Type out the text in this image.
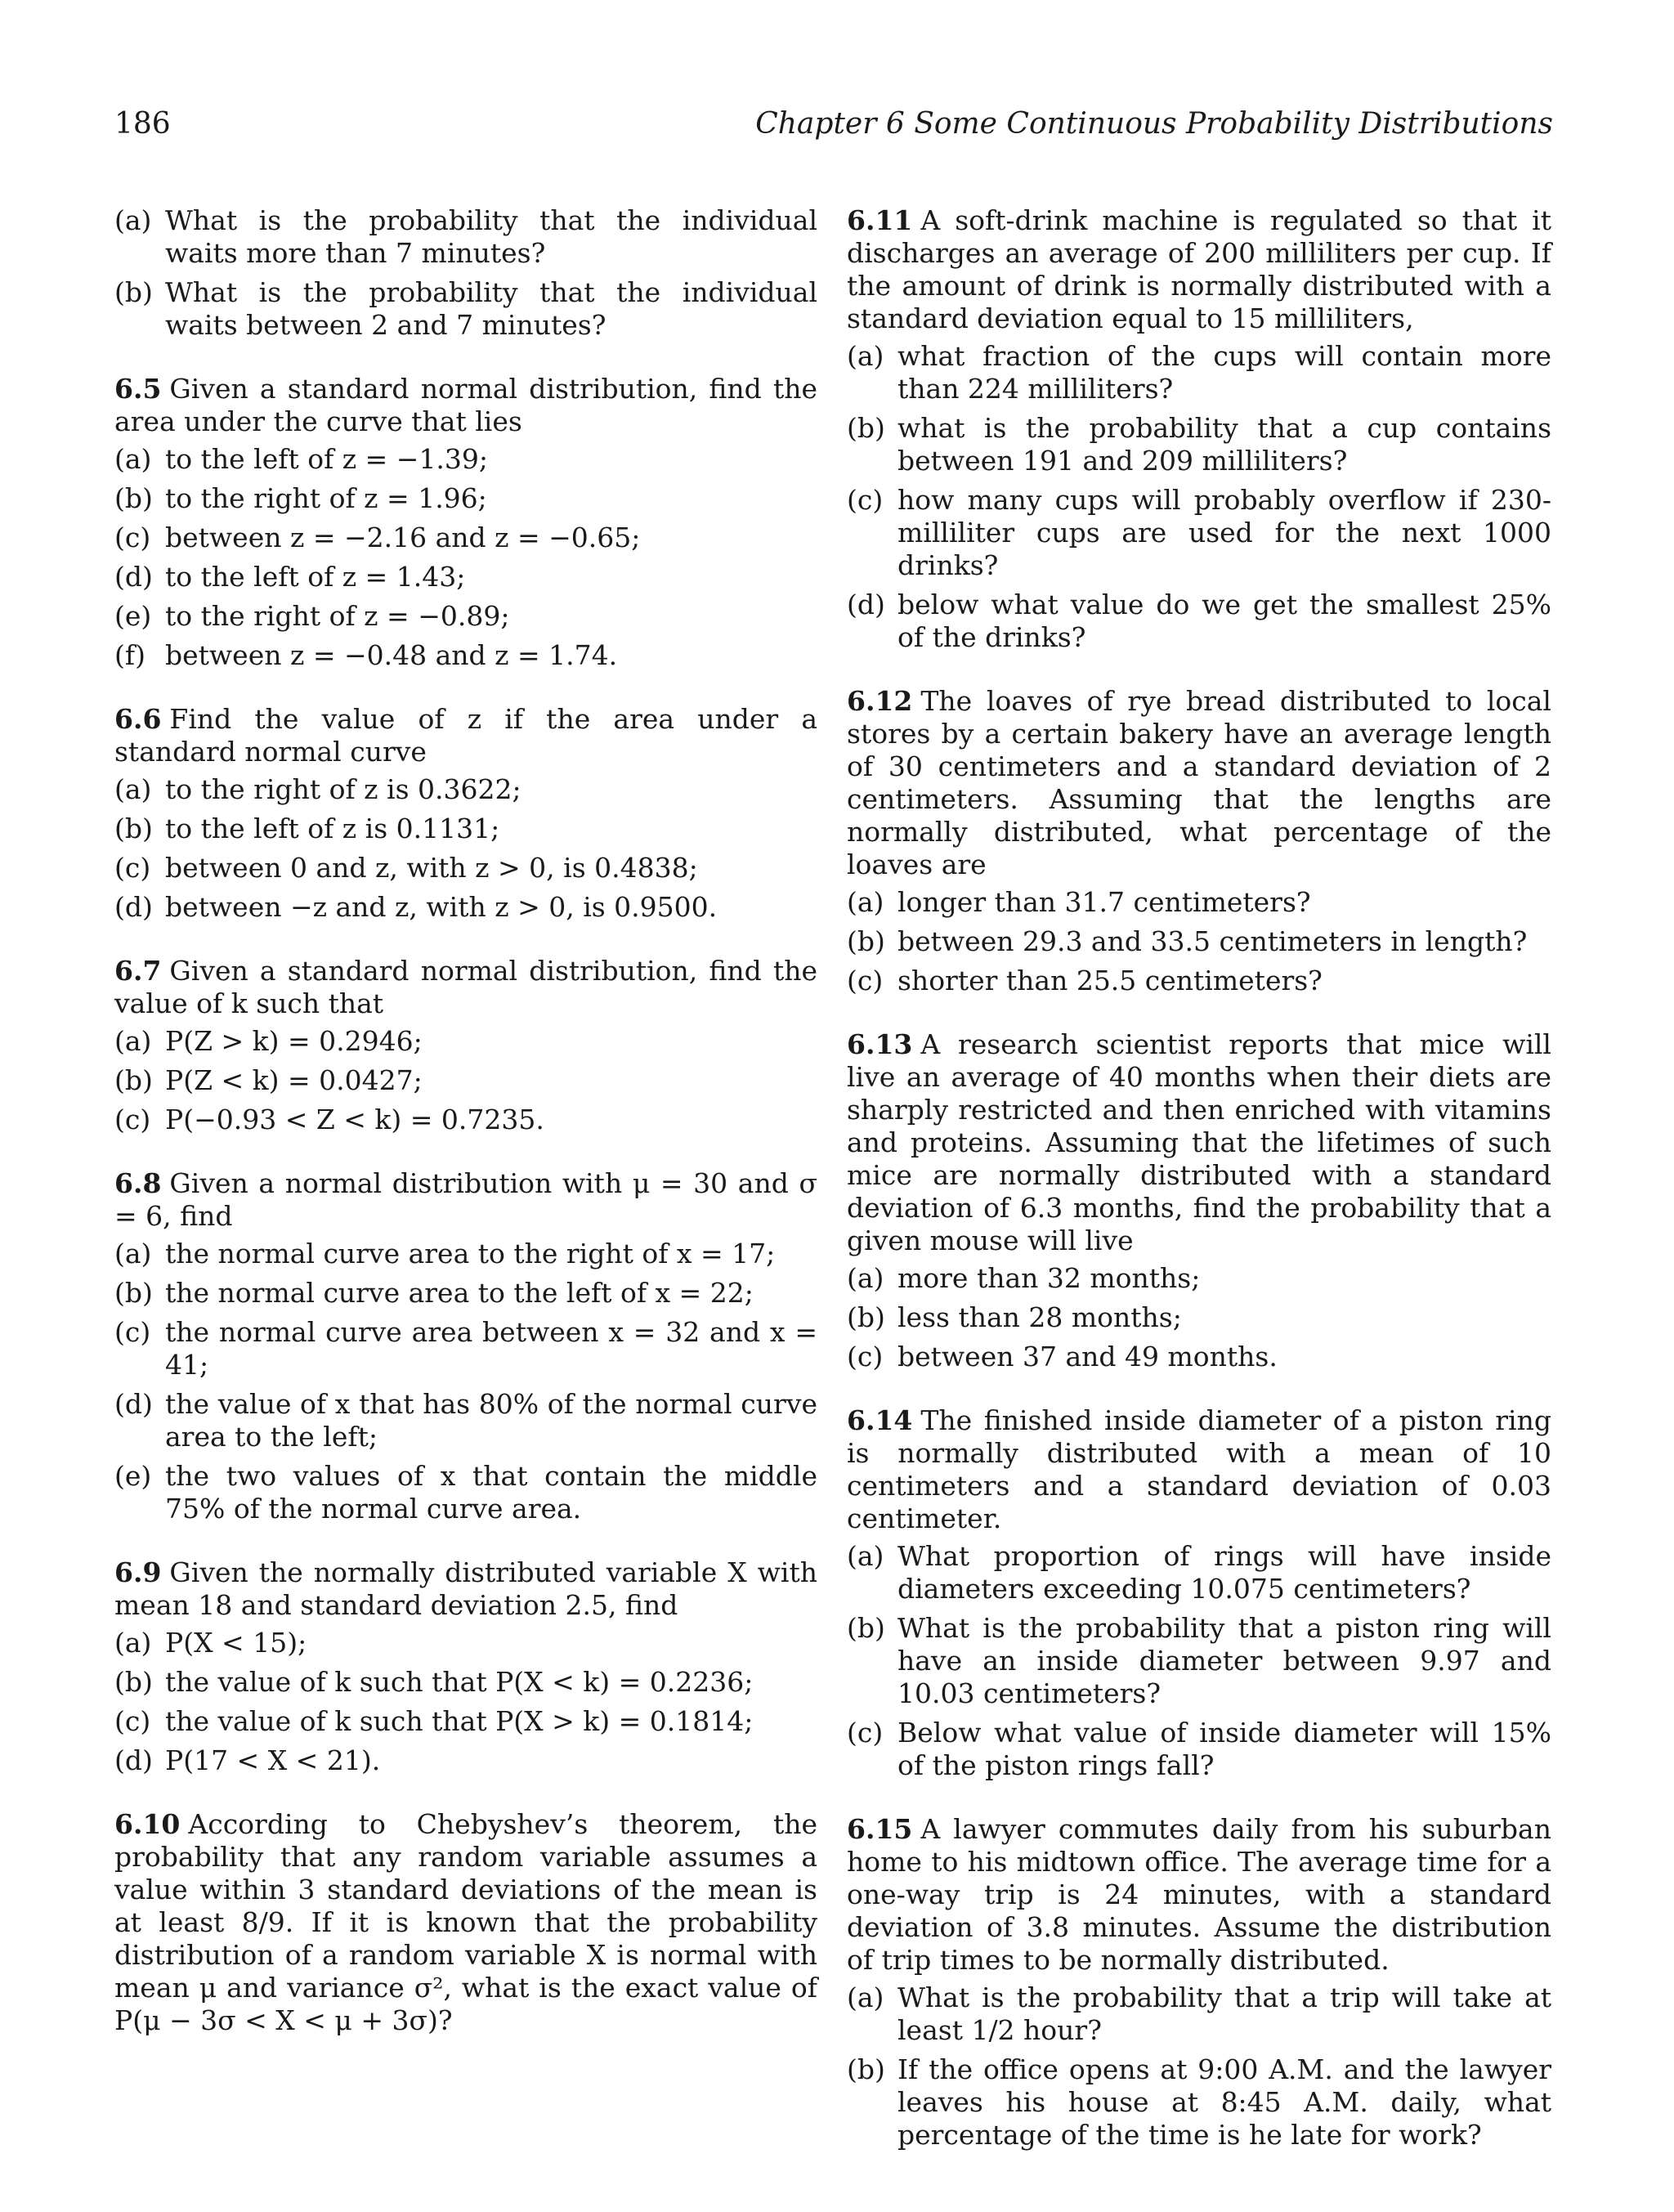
186	Chapter 6 Some Continuous Probability Distributions
(a) What is the probability that the individual waits more than 7 minutes?
(b) What is the probability that the individual waits between 2 and 7 minutes?

6.5 Given a standard normal distribution, find the area under the curve that lies

(a) to the left of z = −1.39;
(b) to the right of z = 1.96;
(c) between z = −2.16 and z = −0.65;
(d) to the left of z = 1.43;
(e) to the right of z = −0.89;
(f) between z = −0.48 and z = 1.74.

6.6 Find the value of z if the area under a standard normal curve

(a) to the right of z is 0.3622;
(b) to the left of z is 0.1131;
(c) between 0 and z, with z > 0, is 0.4838;
(d) between −z and z, with z > 0, is 0.9500.

6.7 Given a standard normal distribution, find the value of k such that

(a) P(Z > k) = 0.2946;
(b) P(Z < k) = 0.0427;
(c) P(−0.93 < Z < k) = 0.7235.

6.8 Given a normal distribution with μ = 30 and σ = 6, find

(a) the normal curve area to the right of x = 17;
(b) the normal curve area to the left of x = 22;
(c) the normal curve area between x = 32 and x = 41;
(d) the value of x that has 80% of the normal curve area to the left;
(e) the two values of x that contain the middle 75% of the normal curve area.

6.9 Given the normally distributed variable X with mean 18 and standard deviation 2.5, find

(a) P(X < 15);
(b) the value of k such that P(X < k) = 0.2236;
(c) the value of k such that P(X > k) = 0.1814;
(d) P(17 < X < 21).

6.10 According to Chebyshev’s theorem, the probability that any random variable assumes a value within 3 standard deviations of the mean is at least 8/9. If it is known that the probability distribution of a random variable X is normal with mean μ and variance σ², what is the exact value of P(μ − 3σ < X < μ + 3σ)?

6.11 A soft-drink machine is regulated so that it discharges an average of 200 milliliters per cup. If the amount of drink is normally distributed with a standard deviation equal to 15 milliliters,

(a) what fraction of the cups will contain more than 224 milliliters?
(b) what is the probability that a cup contains between 191 and 209 milliliters?
(c) how many cups will probably overflow if 230-milliliter cups are used for the next 1000 drinks?
(d) below what value do we get the smallest 25% of the drinks?

6.12 The loaves of rye bread distributed to local stores by a certain bakery have an average length of 30 centimeters and a standard deviation of 2 centimeters. Assuming that the lengths are normally distributed, what percentage of the loaves are

(a) longer than 31.7 centimeters?
(b) between 29.3 and 33.5 centimeters in length?
(c) shorter than 25.5 centimeters?

6.13 A research scientist reports that mice will live an average of 40 months when their diets are sharply restricted and then enriched with vitamins and proteins. Assuming that the lifetimes of such mice are normally distributed with a standard deviation of 6.3 months, find the probability that a given mouse will live

(a) more than 32 months;
(b) less than 28 months;
(c) between 37 and 49 months.

6.14 The finished inside diameter of a piston ring is normally distributed with a mean of 10 centimeters and a standard deviation of 0.03 centimeter.

(a) What proportion of rings will have inside diameters exceeding 10.075 centimeters?
(b) What is the probability that a piston ring will have an inside diameter between 9.97 and 10.03 centimeters?
(c) Below what value of inside diameter will 15% of the piston rings fall?

6.15 A lawyer commutes daily from his suburban home to his midtown office. The average time for a one-way trip is 24 minutes, with a standard deviation of 3.8 minutes. Assume the distribution of trip times to be normally distributed.

(a) What is the probability that a trip will take at least 1/2 hour?
(b) If the office opens at 9:00 A.M. and the lawyer leaves his house at 8:45 A.M. daily, what percentage of the time is he late for work?
